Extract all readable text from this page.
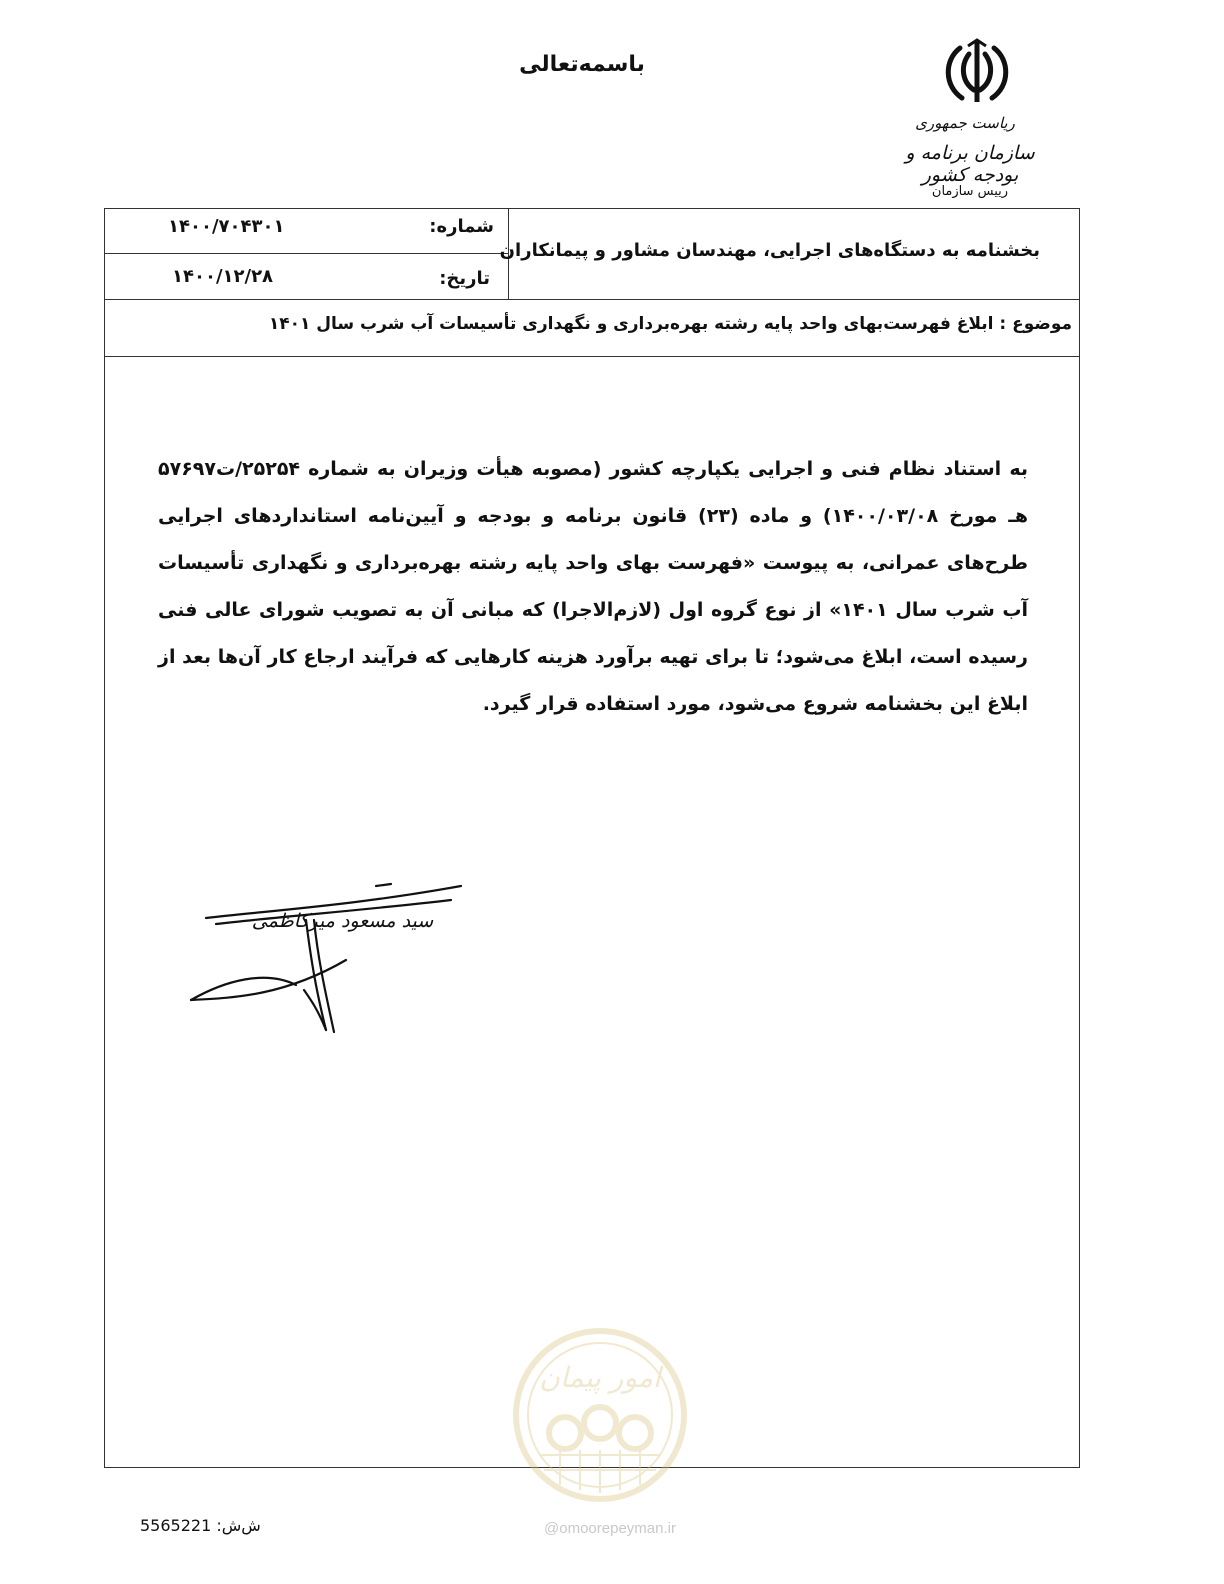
باسمه‌تعالی
ریاست جمهوری
سازمان برنامه و بودجه کشور
رییس سازمان
شماره:
۱۴۰۰/۷۰۴۳۰۱
تاریخ:
۱۴۰۰/۱۲/۲۸
بخشنامه به دستگاه‌های اجرایی، مهندسان مشاور و پیمانکاران
موضوع : ابلاغ فهرست‌بهای واحد پایه رشته بهره‌برداری و نگهداری تأسیسات آب شرب سال ۱۴۰۱
به استناد نظام فنی و اجرایی یکپارچه کشور (مصوبه هیأت وزیران به شماره ۲۵۲۵۴/ت۵۷۶۹۷ هـ مورخ ۱۴۰۰/۰۳/۰۸) و ماده (۲۳) قانون برنامه و بودجه و آیین‌نامه استانداردهای اجرایی طرح‌های عمرانی، به پیوست «فهرست بهای واحد پایه رشته بهره‌برداری و نگهداری تأسیسات آب شرب سال ۱۴۰۱» از نوع گروه اول (لازم‌الاجرا) که مبانی آن به تصویب شورای عالی فنی رسیده است، ابلاغ می‌شود؛ تا برای تهیه برآورد هزینه کارهایی که فرآیند ارجاع کار آن‌ها بعد از ابلاغ این بخشنامه شروع می‌شود، مورد استفاده قرار گیرد.
سید مسعود میرکاظمی
امور پیمان
@omoorepeyman.ir
ش‌ش: 5565221
